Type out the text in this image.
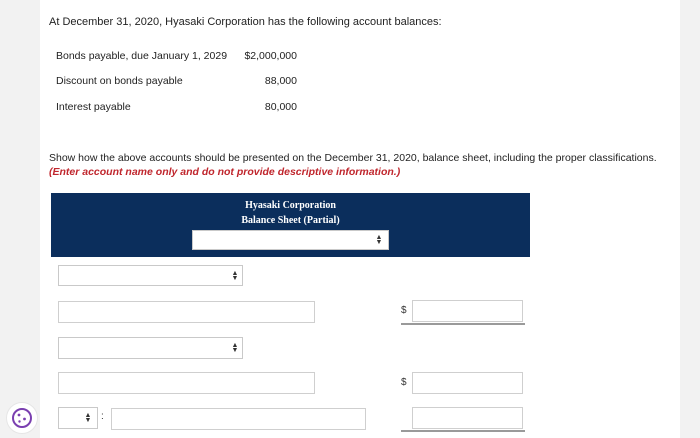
At December 31, 2020, Hyasaki Corporation has the following account balances:
Bonds payable, due January 1, 2029	$2,000,000
Discount on bonds payable	88,000
Interest payable	80,000
Show how the above accounts should be presented on the December 31, 2020, balance sheet, including the proper classifications.
(Enter account name only and do not provide descriptive information.)
Hyasaki Corporation
Balance Sheet (Partial)
▲
▼
▲
▼
$
▲
▼
$
▲
▼ :
